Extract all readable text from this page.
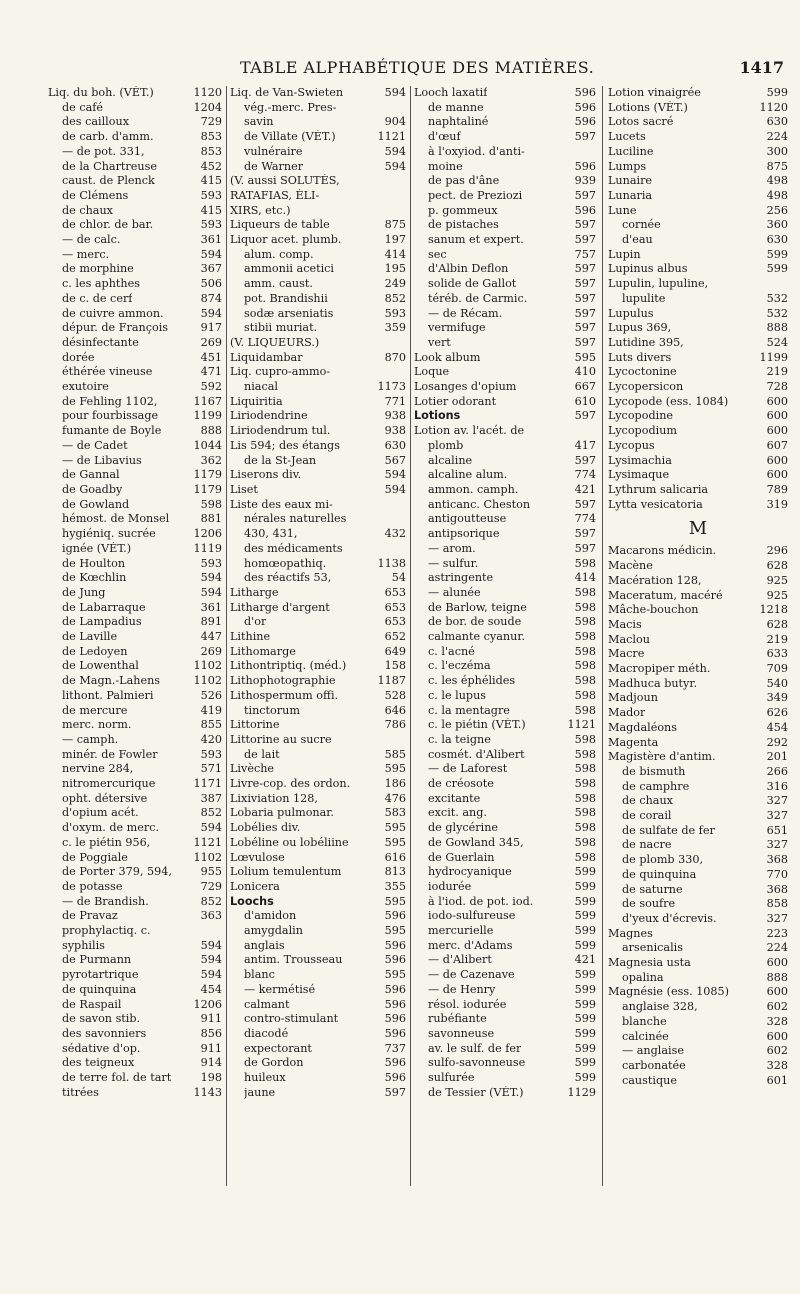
TABLE ALPHABÉTIQUE DES MATIÈRES.	1417
Liq. du boh. (VÉT.)	1120
de café	1204
des cailloux	729
de carb. d'amm.	853
— de pot. 331,	853
de la Chartreuse	452
caust. de Plenck	415
de Clémens	593
de chaux	415
de chlor. de bar.	593
— de calc.	361
— merc.	594
de morphine	367
c. les aphthes	506
de c. de cerf	874
de cuivre ammon.	594
dépur. de François	917
désinfectante	269
dorée	451
éthérée vineuse	471
exutoire	592
de Fehling 1102,	1167
pour fourbissage	1199
fumante de Boyle	888
— de Cadet	1044
— de Libavius	362
de Gannal	1179
de Goadby	1179
de Gowland	598
hémost. de Monsel	881
hygiéniq. sucrée	1206
ignée (VÉT.)	1119
de Houlton	593
de Kœchlin	594
de Jung	594
de Labarraque	361
de Lampadius	891
de Laville	447
de Ledoyen	269
de Lowenthal	1102
de Magn.-Lahens	1102
lithont. Palmieri	526
de mercure	419
merc. norm.	855
— camph.	420
minér. de Fowler	593
nervine 284,	571
nitromercurique	1171
opht. détersive	387
d'opium acét.	852
d'oxym. de merc.	594
c. le piétin 956,	1121
de Poggiale	1102
de Porter 379, 594,	955
de potasse	729
— de Brandish.	852
de Pravaz	363
prophylactiq. c.
syphilis	594
de Purmann	594
pyrotartrique	594
de quinquina	454
de Raspail	1206
de savon stib.	911
des savonniers	856
sédative d'op.	911
des teigneux	914
de terre fol. de tart	198
titrées	1143
Liq. de Van-Swieten	594
vég.-merc. Pres-
savin	904
de Villate (VÉT.)	1121
vulnéraire	594
de Warner	594
(V. aussi SOLUTÉS,
RATAFIAS, ÉLI-
XIRS, etc.)
Liqueurs de table	875
Liquor acet. plumb.	197
alum. comp.	414
ammonii acetici	195
amm. caust.	249
pot. Brandishii	852
sodæ arseniatis	593
stibii muriat.	359
(V. LIQUEURS.)
Liquidambar	870
Liq. cupro-ammo-
niacal	1173
Liquiritia	771
Liriodendrine	938
Liriodendrum tul.	938
Lis 594; des étangs	630
de la St-Jean	567
Liserons div.	594
Liset	594
Liste des eaux mi-
nérales naturelles
430, 431,	432
des médicaments
homœopathiq.	1138
des réactifs 53,	54
Litharge	653
Litharge d'argent	653
d'or	653
Lithine	652
Lithomarge	649
Lithontriptiq. (méd.)	158
Lithophotographie	1187
Lithospermum offi.	528
tinctorum	646
Littorine	786
Littorine au sucre
de lait	585
Livèche	595
Livre-cop. des ordon.	186
Lixiviation 128,	476
Lobaria pulmonar.	583
Lobélies div.	595
Lobéline ou lobéliine	595
Lœvulose	616
Lolium temulentum	813
Lonicera	355
Loochs	595
d'amidon	596
amygdalin	595
anglais	596
antim. Trousseau	596
blanc	595
— kermétisé	596
calmant	596
contro-stimulant	596
diacodé	596
expectorant	737
de Gordon	596
huileux	596
jaune	597
Looch laxatif	596
de manne	596
naphtaliné	596
d'œuf	597
à l'oxyiod. d'anti-
moine	596
de pas d'âne	939
pect. de Preziozi	597
p. gommeux	596
de pistaches	597
sanum et expert.	597
sec	757
d'Albin Deflon	597
solide de Gallot	597
téréb. de Carmic.	597
— de Récam.	597
vermifuge	597
vert	597
Look album	595
Loque	410
Losanges d'opium	667
Lotier odorant	610
Lotions	597
Lotion av. l'acét. de
plomb	417
alcaline	597
alcaline alum.	774
ammon. camph.	421
anticanc. Cheston	597
antigoutteuse	774
antipsorique	597
— arom.	597
— sulfur.	598
astringente	414
— alunée	598
de Barlow, teigne	598
de bor. de soude	598
calmante cyanur.	598
c. l'acné	598
c. l'eczéma	598
c. les éphélides	598
c. le lupus	598
c. la mentagre	598
c. le piétin (VÉT.)	1121
c. la teigne	598
cosmét. d'Alibert	598
— de Laforest	598
de créosote	598
excitante	598
excit. ang.	598
de glycérine	598
de Gowland 345,	598
de Guerlain	598
hydrocyanique	599
iodurée	599
à l'iod. de pot. iod.	599
iodo-sulfureuse	599
mercurielle	599
merc. d'Adams	599
— d'Alibert	421
— de Cazenave	599
— de Henry	599
résol. iodurée	599
rubéfiante	599
savonneuse	599
av. le sulf. de fer	599
sulfo-savonneuse	599
sulfurée	599
de Tessier (VÉT.)	1129
Lotion vinaigrée	599
Lotions (VÉT.)	1120
Lotos sacré	630
Lucets	224
Luciline	300
Lumps	875
Lunaire	498
Lunaria	498
Lune	256
cornée	360
d'eau	630
Lupin	599
Lupinus albus	599
Lupulin, lupuline,
lupulite	532
Lupulus	532
Lupus 369,	888
Lutidine 395,	524
Luts divers	1199
Lycoctonine	219
Lycopersicon	728
Lycopode (ess. 1084)	600
Lycopodine	600
Lycopodium	600
Lycopus	607
Lysimachia	600
Lysimaque	600
Lythrum salicaria	789
Lytta vesicatoria	319
M
Macarons médicin.	296
Macène	628
Macération 128,	925
Maceratum, macéré	925
Mâche-bouchon	1218
Macis	628
Maclou	219
Macre	633
Macropiper méth.	709
Madhuca butyr.	540
Madjoun	349
Mador	626
Magdaléons	454
Magenta	292
Magistère d'antim.	201
de bismuth	266
de camphre	316
de chaux	327
de corail	327
de sulfate de fer	651
de nacre	327
de plomb 330,	368
de quinquina	770
de saturne	368
de soufre	858
d'yeux d'écrevis.	327
Magnes	223
arsenicalis	224
Magnesia usta	600
opalina	888
Magnésie (ess. 1085)	600
anglaise 328,	602
blanche	328
calcinée	600
— anglaise	602
carbonatée	328
caustique	601
